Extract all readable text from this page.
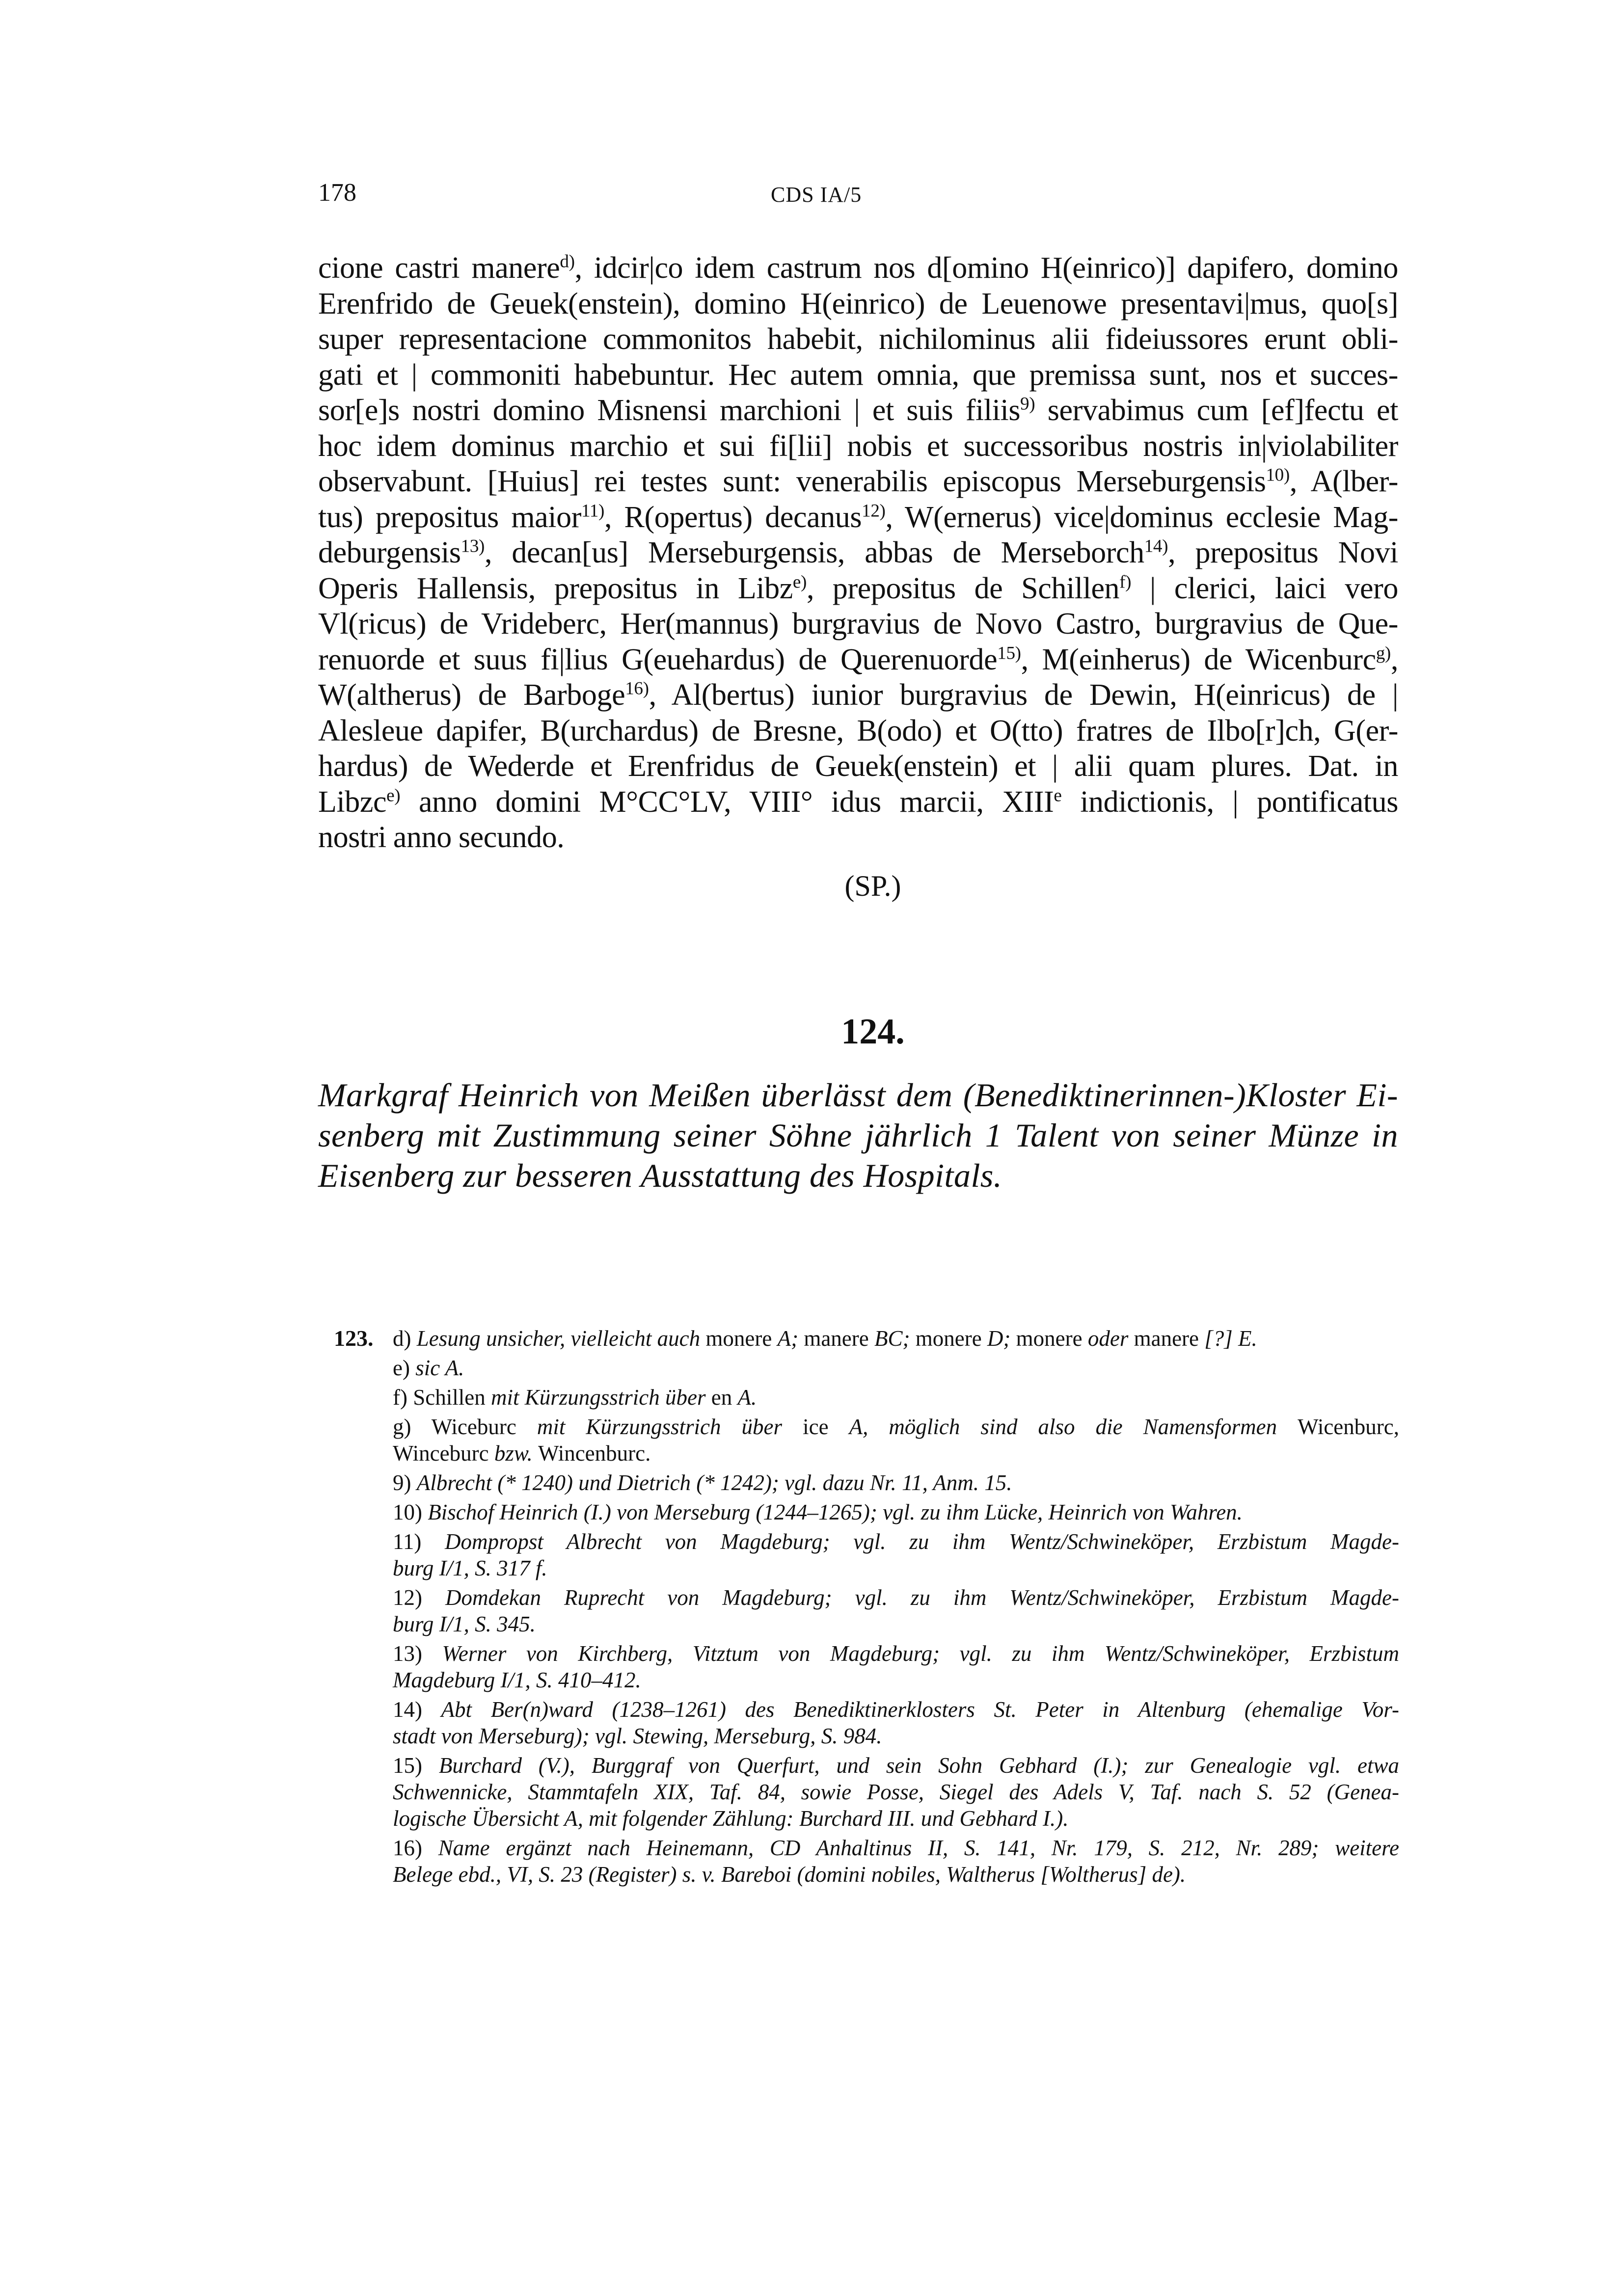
178	CDS IA/5

cione castri manere$^{d)}$, idcir|co idem castrum nos d[omino H(einrico)] dapifero, domino
Erenfrido de Geuek(enstein), domino H(einrico) de Leuenowe presentavi|mus, quo[s]
super representacione commonitos habebit, nichilominus alii fideiussores erunt obli-
gati et | commoniti habebuntur. Hec autem omnia, que premissa sunt, nos et succes-
sor[e]s nostri domino Misnensi marchioni | et suis filiis$^{9)}$ servabimus cum [ef]fectu et
hoc idem dominus marchio et sui fi[lii] nobis et successoribus nostris in|violabiliter
observabunt. [Huius] rei testes sunt: venerabilis episcopus Merseburgensis$^{10)}$, A(lber-
tus) prepositus maior$^{11)}$, R(opertus) decanus$^{12)}$, W(ernerus) vice|dominus ecclesie Mag-
deburgensis$^{13)}$, decan[us] Merseburgensis, abbas de Merseborch$^{14)}$, prepositus Novi
Operis Hallensis, prepositus in Libz$^{e)}$, prepositus de Schillen$^{f)}$ | clerici, laici vero
Vl(ricus) de Vrideberc, Her(mannus) burgravius de Novo Castro, burgravius de Que-
renuorde et suus fi|lius G(euehardus) de Querenuorde$^{15)}$, M(einherus) de Wicenburc$^{g)}$,
W(altherus) de Barboge$^{16)}$, Al(bertus) iunior burgravius de Dewin, H(einricus) de |
Alesleue dapifer, B(urchardus) de Bresne, B(odo) et O(tto) fratres de Ilbo[r]ch, G(er-
hardus) de Wederde et Erenfridus de Geuek(enstein) et | alii quam plures. Dat. in
Libzc$^{e)}$ anno domini M°CC°LV, VIII° idus marcii, XIIIe indictionis, | pontificatus
nostri anno secundo.

(SP.)
124.
Markgraf Heinrich von Meißen überlässt dem (Benediktinerinnen-)Kloster Ei-
senberg mit Zustimmung seiner Söhne jährlich 1 Talent von seiner Münze in
Eisenberg zur besseren Ausstattung des Hospitals.
123. d) Lesung unsicher, vielleicht auch monere A; manere BC; monere D; monere oder manere [?] E.
e) sic A.
f) Schillen mit Kürzungsstrich über en A.
g) Wiceburc mit Kürzungsstrich über ice A, möglich sind also die Namensformen Wicenburc,
Winceburc bzw. Wincenburc.
9) Albrecht (* 1240) und Dietrich (* 1242); vgl. dazu Nr. 11, Anm. 15.
10) Bischof Heinrich (I.) von Merseburg (1244–1265); vgl. zu ihm Lücke, Heinrich von Wahren.
11) Dompropst Albrecht von Magdeburg; vgl. zu ihm Wentz/Schwineköper, Erzbistum Magde-
burg I/1, S. 317 f.
12) Domdekan Ruprecht von Magdeburg; vgl. zu ihm Wentz/Schwineköper, Erzbistum Magde-
burg I/1, S. 345.
13) Werner von Kirchberg, Vitztum von Magdeburg; vgl. zu ihm Wentz/Schwineköper, Erzbistum
Magdeburg I/1, S. 410–412.
14) Abt Ber(n)ward (1238–1261) des Benediktinerklosters St. Peter in Altenburg (ehemalige Vor-
stadt von Merseburg); vgl. Stewing, Merseburg, S. 984.
15) Burchard (V.), Burggraf von Querfurt, und sein Sohn Gebhard (I.); zur Genealogie vgl. etwa
Schwennicke, Stammtafeln XIX, Taf. 84, sowie Posse, Siegel des Adels V, Taf. nach S. 52 (Genea-
logische Übersicht A, mit folgender Zählung: Burchard III. und Gebhard I.).
16) Name ergänzt nach Heinemann, CD Anhaltinus II, S. 141, Nr. 179, S. 212, Nr. 289; weitere
Belege ebd., VI, S. 23 (Register) s. v. Bareboi (domini nobiles, Waltherus [Woltherus] de).
